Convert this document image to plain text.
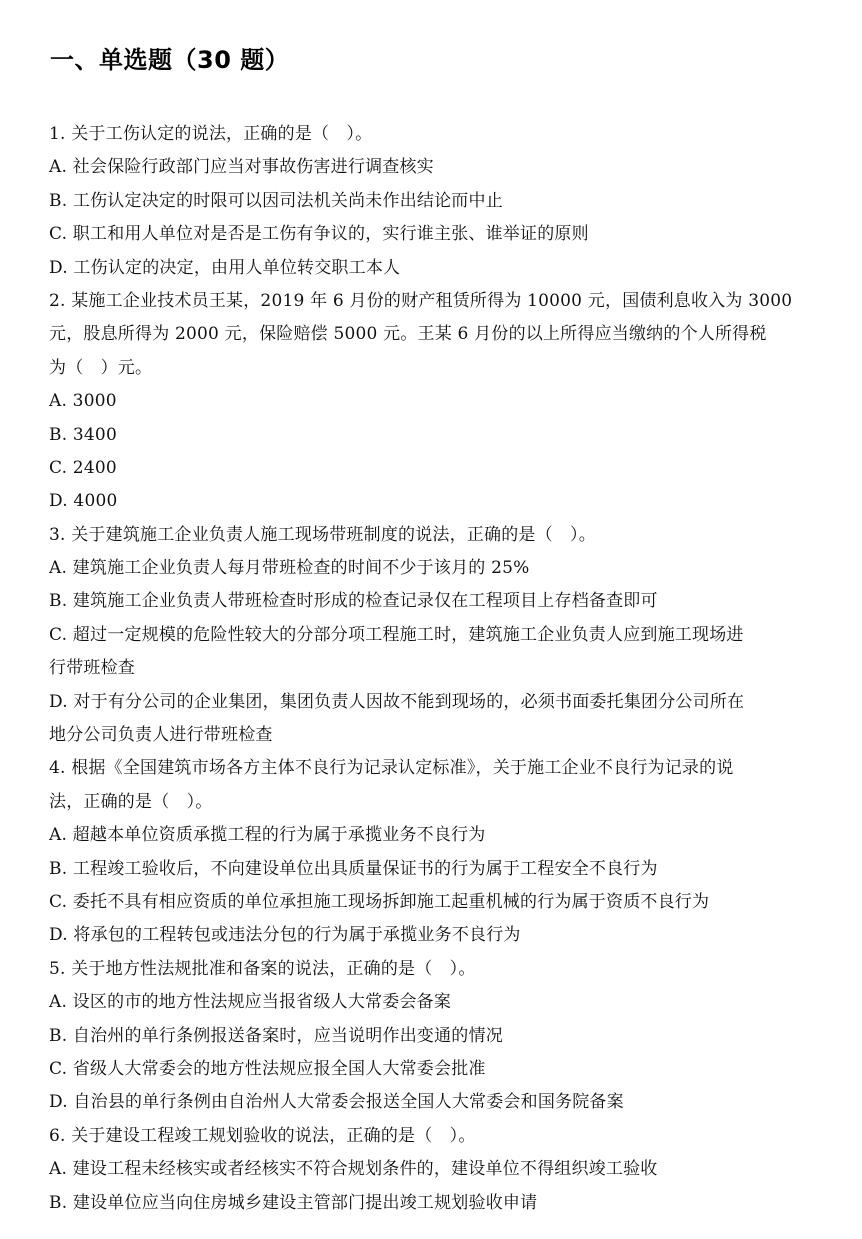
一、单选题（30 题）
1. 关于工伤认定的说法，正确的是（　）。
A. 社会保险行政部门应当对事故伤害进行调查核实
B. 工伤认定决定的时限可以因司法机关尚未作出结论而中止
C. 职工和用人单位对是否是工伤有争议的，实行谁主张、谁举证的原则
D. 工伤认定的决定，由用人单位转交职工本人
2. 某施工企业技术员王某，2019 年 6 月份的财产租赁所得为 10000 元，国债利息收入为 3000
元，股息所得为 2000 元，保险赔偿 5000 元。王某 6 月份的以上所得应当缴纳的个人所得税
为（　）元。
A. 3000
B. 3400
C. 2400
D. 4000
3. 关于建筑施工企业负责人施工现场带班制度的说法，正确的是（　）。
A. 建筑施工企业负责人每月带班检查的时间不少于该月的 25%
B. 建筑施工企业负责人带班检查时形成的检查记录仅在工程项目上存档备查即可
C. 超过一定规模的危险性较大的分部分项工程施工时，建筑施工企业负责人应到施工现场进
行带班检查
D. 对于有分公司的企业集团，集团负责人因故不能到现场的，必须书面委托集团分公司所在
地分公司负责人进行带班检查
4. 根据《全国建筑市场各方主体不良行为记录认定标准》，关于施工企业不良行为记录的说
法，正确的是（　）。
A. 超越本单位资质承揽工程的行为属于承揽业务不良行为
B. 工程竣工验收后，不向建设单位出具质量保证书的行为属于工程安全不良行为
C. 委托不具有相应资质的单位承担施工现场拆卸施工起重机械的行为属于资质不良行为
D. 将承包的工程转包或违法分包的行为属于承揽业务不良行为
5. 关于地方性法规批准和备案的说法，正确的是（　）。
A. 设区的市的地方性法规应当报省级人大常委会备案
B. 自治州的单行条例报送备案时，应当说明作出变通的情况
C. 省级人大常委会的地方性法规应报全国人大常委会批准
D. 自治县的单行条例由自治州人大常委会报送全国人大常委会和国务院备案
6. 关于建设工程竣工规划验收的说法，正确的是（　）。
A. 建设工程未经核实或者经核实不符合规划条件的，建设单位不得组织竣工验收
B. 建设单位应当向住房城乡建设主管部门提出竣工规划验收申请
